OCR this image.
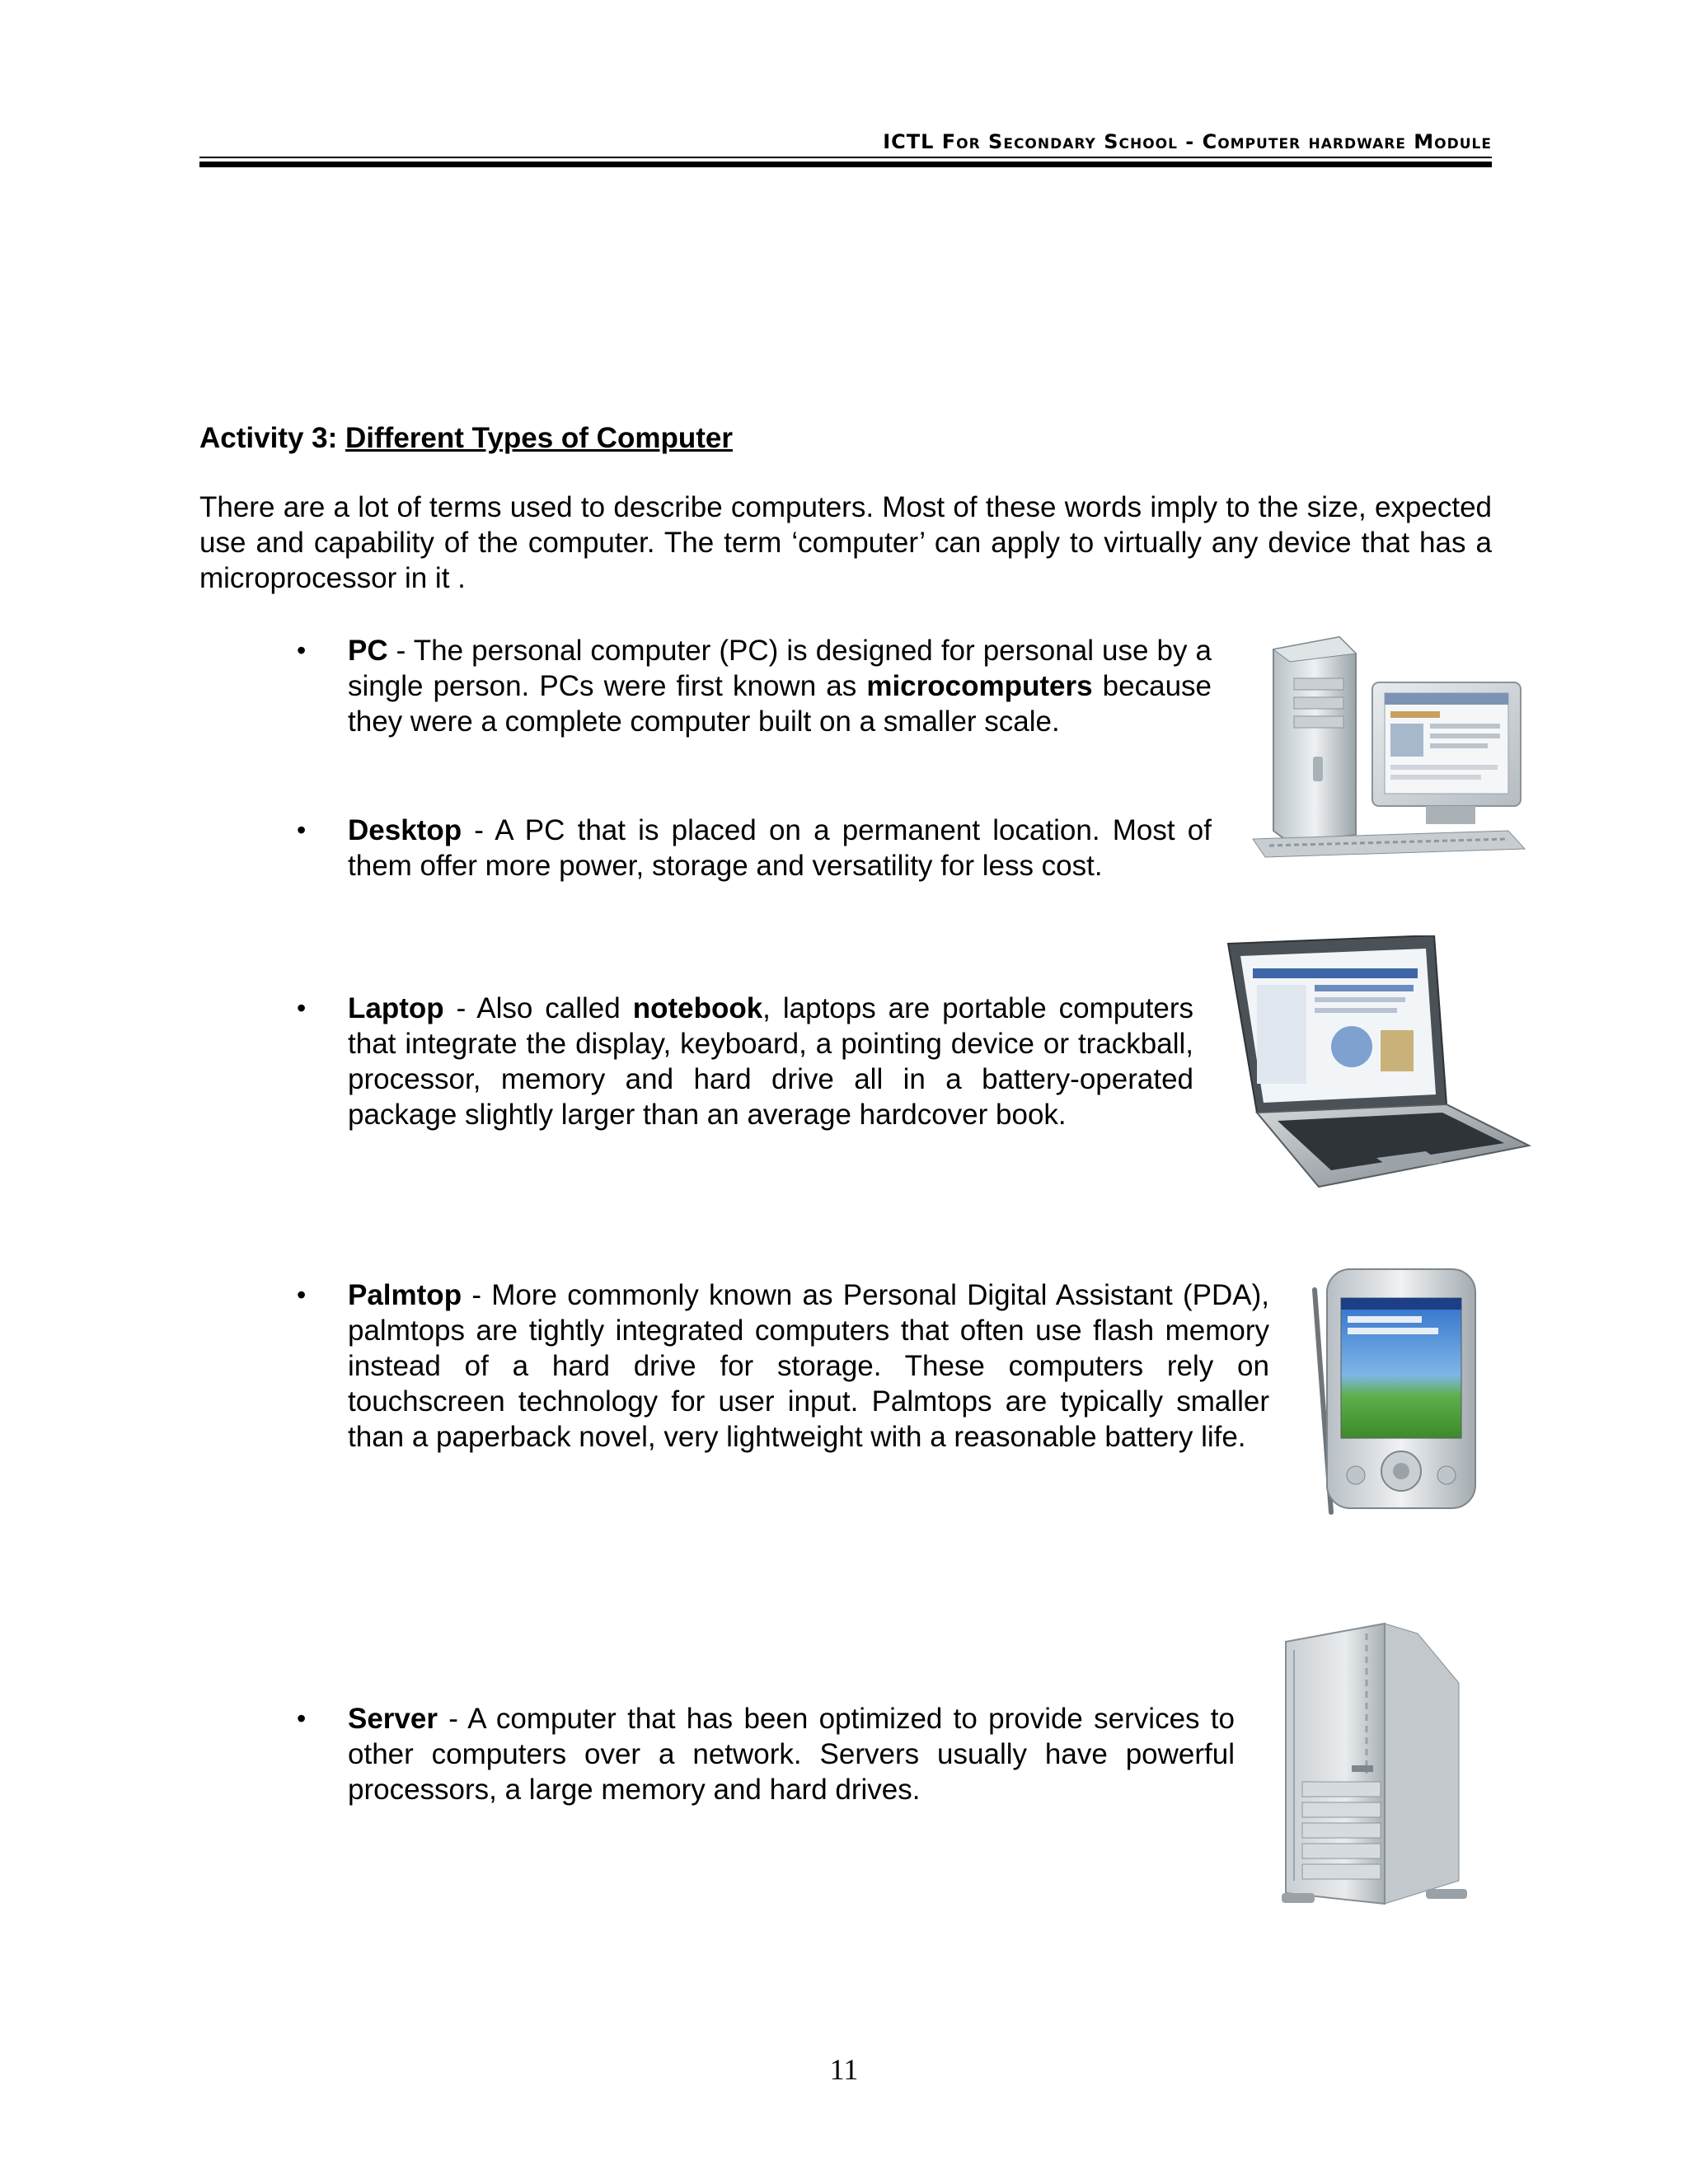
ICTL For Secondary School - Computer hardware Module
Activity 3: Different Types of Computer

There are a lot of terms used to describe computers. Most of these words imply to the size, expected use and capability of the computer. The term ‘computer’ can apply to virtually any device that has a microprocessor in it .

• PC - The personal computer (PC) is designed for personal use by a single person. PCs were first known as microcomputers because they were a complete computer built on a smaller scale.

• Desktop - A PC that is placed on a permanent location. Most of them offer more power, storage and versatility for less cost.

• Laptop - Also called notebook, laptops are portable computers that integrate the display, keyboard, a pointing device or trackball, processor, memory and hard drive all in a battery-operated package slightly larger than an average hardcover book.

• Palmtop - More commonly known as Personal Digital Assistant (PDA), palmtops are tightly integrated computers that often use flash memory instead of a hard drive for storage. These computers rely on touchscreen technology for user input. Palmtops are typically smaller than a paperback novel, very lightweight with a reasonable battery life.

• Server - A computer that has been optimized to provide services to other computers over a network. Servers usually have powerful processors, a large memory and hard drives.

11
